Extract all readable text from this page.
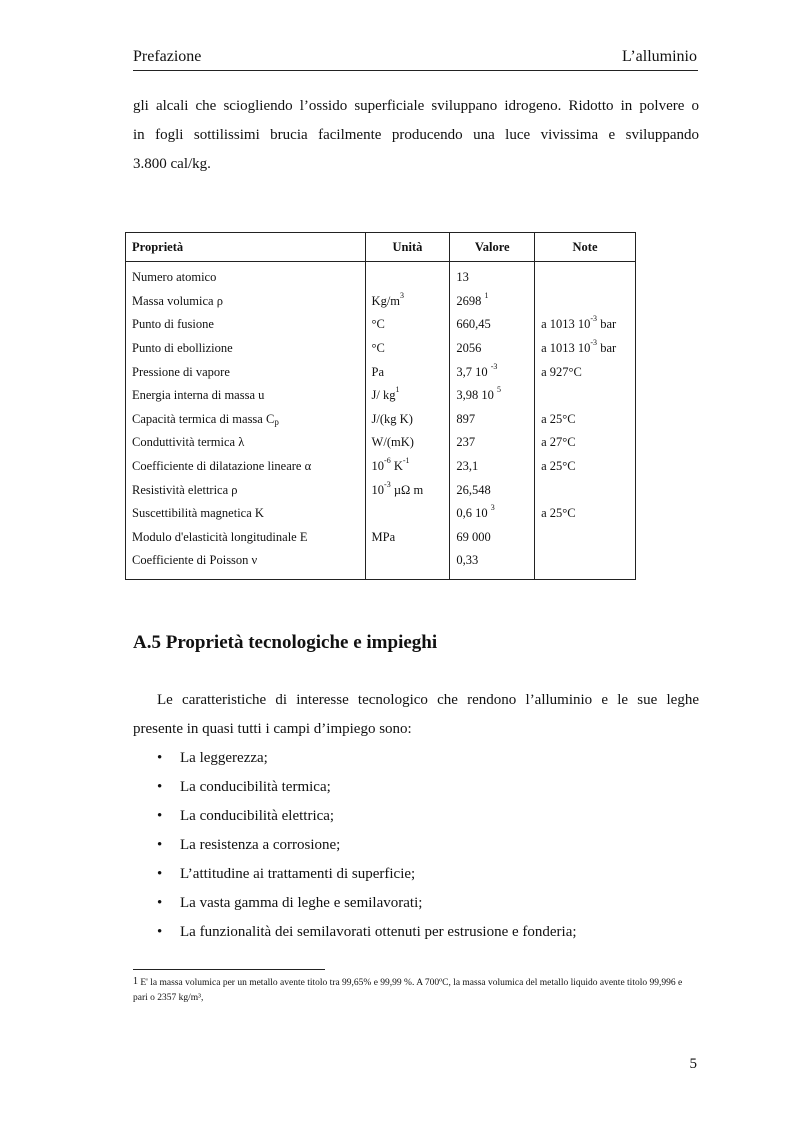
Prefazione	L’alluminio

gli alcali che sciogliendo l’ossido superficiale sviluppano idrogeno. Ridotto in polvere o
in fogli sottilissimi brucia facilmente producendo una luce vivissima e sviluppando
3.800 cal/kg.

Proprietà	Unità	Valore	Note
Numero atomico		13	
Massa volumica ρ	$Kg/m^3$	2698 $^1$	
Punto di fusione	°C	660,45	a 1013 $10^{-3}$ bar
Punto di ebollizione	°C	2056	a 1013 $10^{-3}$ bar
Pressione di vapore	Pa	3,7 10 $^{-3}$	a 927°C
Energia interna di massa u	J/ $kg^1$	3,98 10 $^5$	
Capacità termica di massa Cp	J/(kg K)	897	a 25°C
Conduttività termica λ	W/(mK)	237	a 27°C
Coefficiente di dilatazione lineare α	$10^{-6}$ $K^{-1}$	23,1	a 25°C
Resistività elettrica ρ	$10^{-3}$ µΩ m	26,548	
Suscettibilità magnetica K		0,6 10 $^3$	a 25°C
Modulo d'elasticità longitudinale E	MPa	69 000	
Coefficiente di Poisson ν		0,33	
A.5 Proprietà tecnologiche e impieghi

Le caratteristiche di interesse tecnologico che rendono l’alluminio e le sue leghe
presente in quasi tutti i campi d’impiego sono:

• La leggerezza;
• La conducibilità termica;
• La conducibilità elettrica;
• La resistenza a corrosione;
• L’attitudine ai trattamenti di superficie;
• La vasta gamma di leghe e semilavorati;
• La funzionalità dei semilavorati ottenuti per estrusione e fonderia;

1 E' la massa volumica per un metallo avente titolo tra 99,65% e 99,99 %. A 700ºC, la massa volumica del metallo liquido avente titolo 99,996 e pari o 2357 kg/m³,

5
